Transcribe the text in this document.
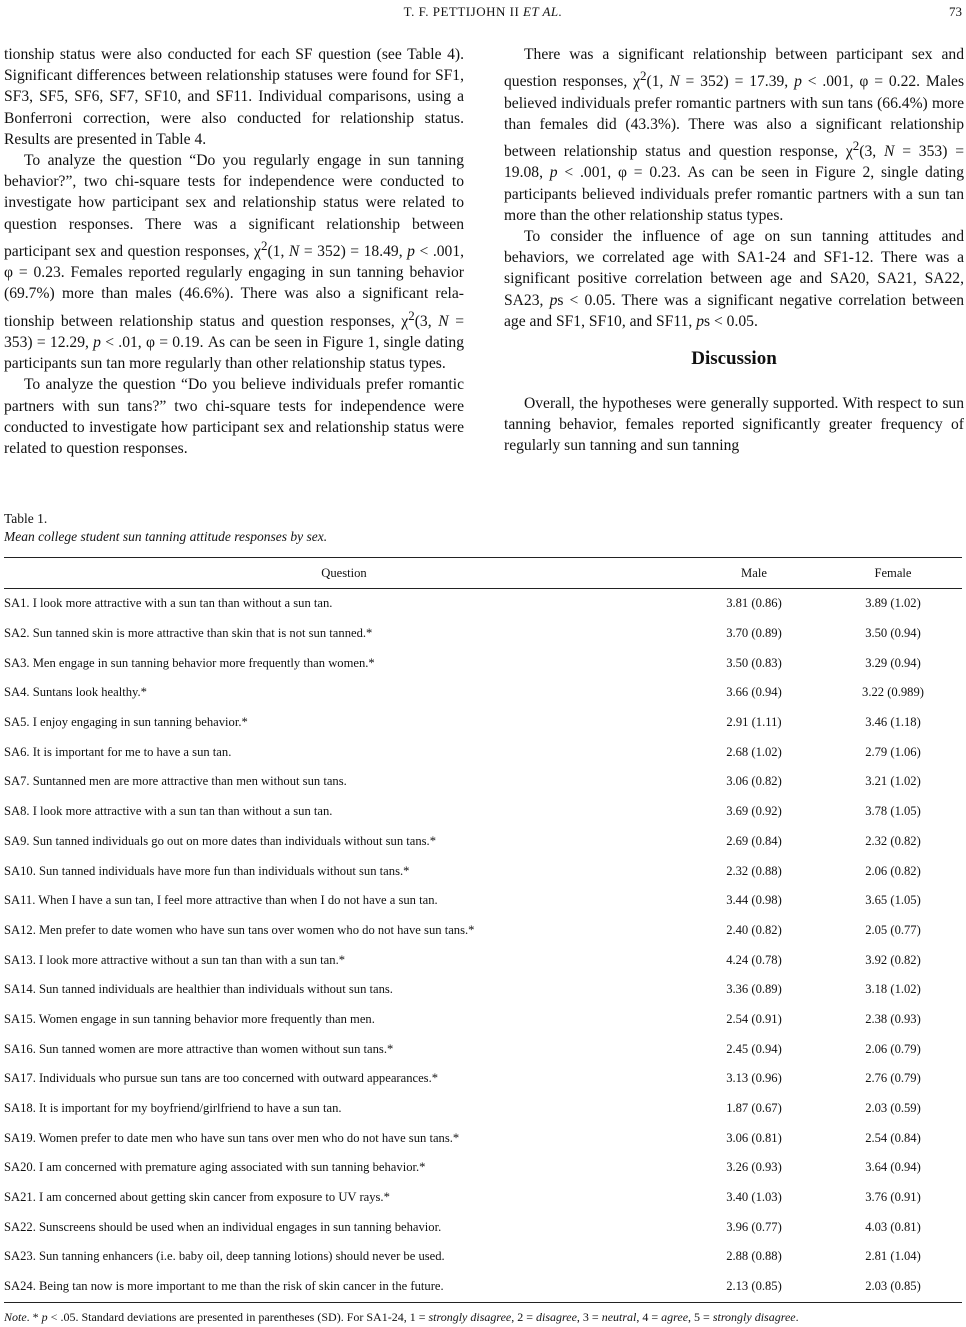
T. F. PETTIJOHN II ET AL.	73

tionship status were also conducted for each SF question (see Table 4). Significant differences between relationship statuses were found for SF1, SF3, SF5, SF6, SF7, SF10, and SF11. Individual comparisons, using a Bonferroni correction, were also conducted for relationship status. Results are presented in Table 4.

To analyze the question “Do you regularly engage in sun tanning behavior?”, two chi-square tests for independence were conducted to investigate how participant sex and relationship status were related to question responses. There was a significant relationship between participant sex and question responses, $\chi^2(1$, N = 352) = 18.49, p < .001, φ = 0.23. Females reported regularly engaging in sun tanning behavior (69.7%) more than males (46.6%). There was also a significant relationship between relationship status and question responses, $\chi^2(3$, N = 353) = 12.29, p < .01, φ = 0.19. As can be seen in Figure 1, single dating participants sun tan more regularly than other relationship status types.

To analyze the question “Do you believe individuals prefer romantic partners with sun tans?” two chi-square tests for independence were conducted to investigate how participant sex and relationship status were related to question responses.

There was a significant relationship between participant sex and question responses, $\chi^2(1$, N = 352) = 17.39, p < .001, φ = 0.22. Males believed individuals prefer romantic partners with sun tans (66.4%) more than females did (43.3%). There was also a significant relationship between relationship status and question response, $\chi^2(3$, N = 353) = 19.08, p < .001, φ = 0.23. As can be seen in Figure 2, single dating participants believed individuals prefer romantic partners with a sun tan more than the other relationship status types.

To consider the influence of age on sun tanning attitudes and behaviors, we correlated age with SA1-24 and SF1-12. There was a significant positive correlation between age and SA20, SA21, SA22, SA23, ps < 0.05. There was a significant negative correlation between age and SF1, SF10, and SF11, ps < 0.05.

Discussion

Overall, the hypotheses were generally supported. With respect to sun tanning behavior, females reported significantly greater frequency of regularly sun tanning and sun tanning

Table 1.
Mean college student sun tanning attitude responses by sex.
Question	Male	Female
SA1. I look more attractive with a sun tan than without a sun tan.	3.81 (0.86)	3.89 (1.02)
SA2. Sun tanned skin is more attractive than skin that is not sun tanned.*	3.70 (0.89)	3.50 (0.94)
SA3. Men engage in sun tanning behavior more frequently than women.*	3.50 (0.83)	3.29 (0.94)
SA4. Suntans look healthy.*	3.66 (0.94)	3.22 (0.989)
SA5. I enjoy engaging in sun tanning behavior.*	2.91 (1.11)	3.46 (1.18)
SA6. It is important for me to have a sun tan.	2.68 (1.02)	2.79 (1.06)
SA7. Suntanned men are more attractive than men without sun tans.	3.06 (0.82)	3.21 (1.02)
SA8. I look more attractive with a sun tan than without a sun tan.	3.69 (0.92)	3.78 (1.05)
SA9. Sun tanned individuals go out on more dates than individuals without sun tans.*	2.69 (0.84)	2.32 (0.82)
SA10. Sun tanned individuals have more fun than individuals without sun tans.*	2.32 (0.88)	2.06 (0.82)
SA11. When I have a sun tan, I feel more attractive than when I do not have a sun tan.	3.44 (0.98)	3.65 (1.05)
SA12. Men prefer to date women who have sun tans over women who do not have sun tans.*	2.40 (0.82)	2.05 (0.77)
SA13. I look more attractive without a sun tan than with a sun tan.*	4.24 (0.78)	3.92 (0.82)
SA14. Sun tanned individuals are healthier than individuals without sun tans.	3.36 (0.89)	3.18 (1.02)
SA15. Women engage in sun tanning behavior more frequently than men.	2.54 (0.91)	2.38 (0.93)
SA16. Sun tanned women are more attractive than women without sun tans.*	2.45 (0.94)	2.06 (0.79)
SA17. Individuals who pursue sun tans are too concerned with outward appearances.*	3.13 (0.96)	2.76 (0.79)
SA18. It is important for my boyfriend/girlfriend to have a sun tan.	1.87 (0.67)	2.03 (0.59)
SA19. Women prefer to date men who have sun tans over men who do not have sun tans.*	3.06 (0.81)	2.54 (0.84)
SA20. I am concerned with premature aging associated with sun tanning behavior.*	3.26 (0.93)	3.64 (0.94)
SA21. I am concerned about getting skin cancer from exposure to UV rays.*	3.40 (1.03)	3.76 (0.91)
SA22. Sunscreens should be used when an individual engages in sun tanning behavior.	3.96 (0.77)	4.03 (0.81)
SA23. Sun tanning enhancers (i.e. baby oil, deep tanning lotions) should never be used.	2.88 (0.88)	2.81 (1.04)
SA24. Being tan now is more important to me than the risk of skin cancer in the future.	2.13 (0.85)	2.03 (0.85)
Note. * p < .05. Standard deviations are presented in parentheses (SD). For SA1-24, 1 = strongly disagree, 2 = disagree, 3 = neutral, 4 = agree, 5 = strongly disagree.
